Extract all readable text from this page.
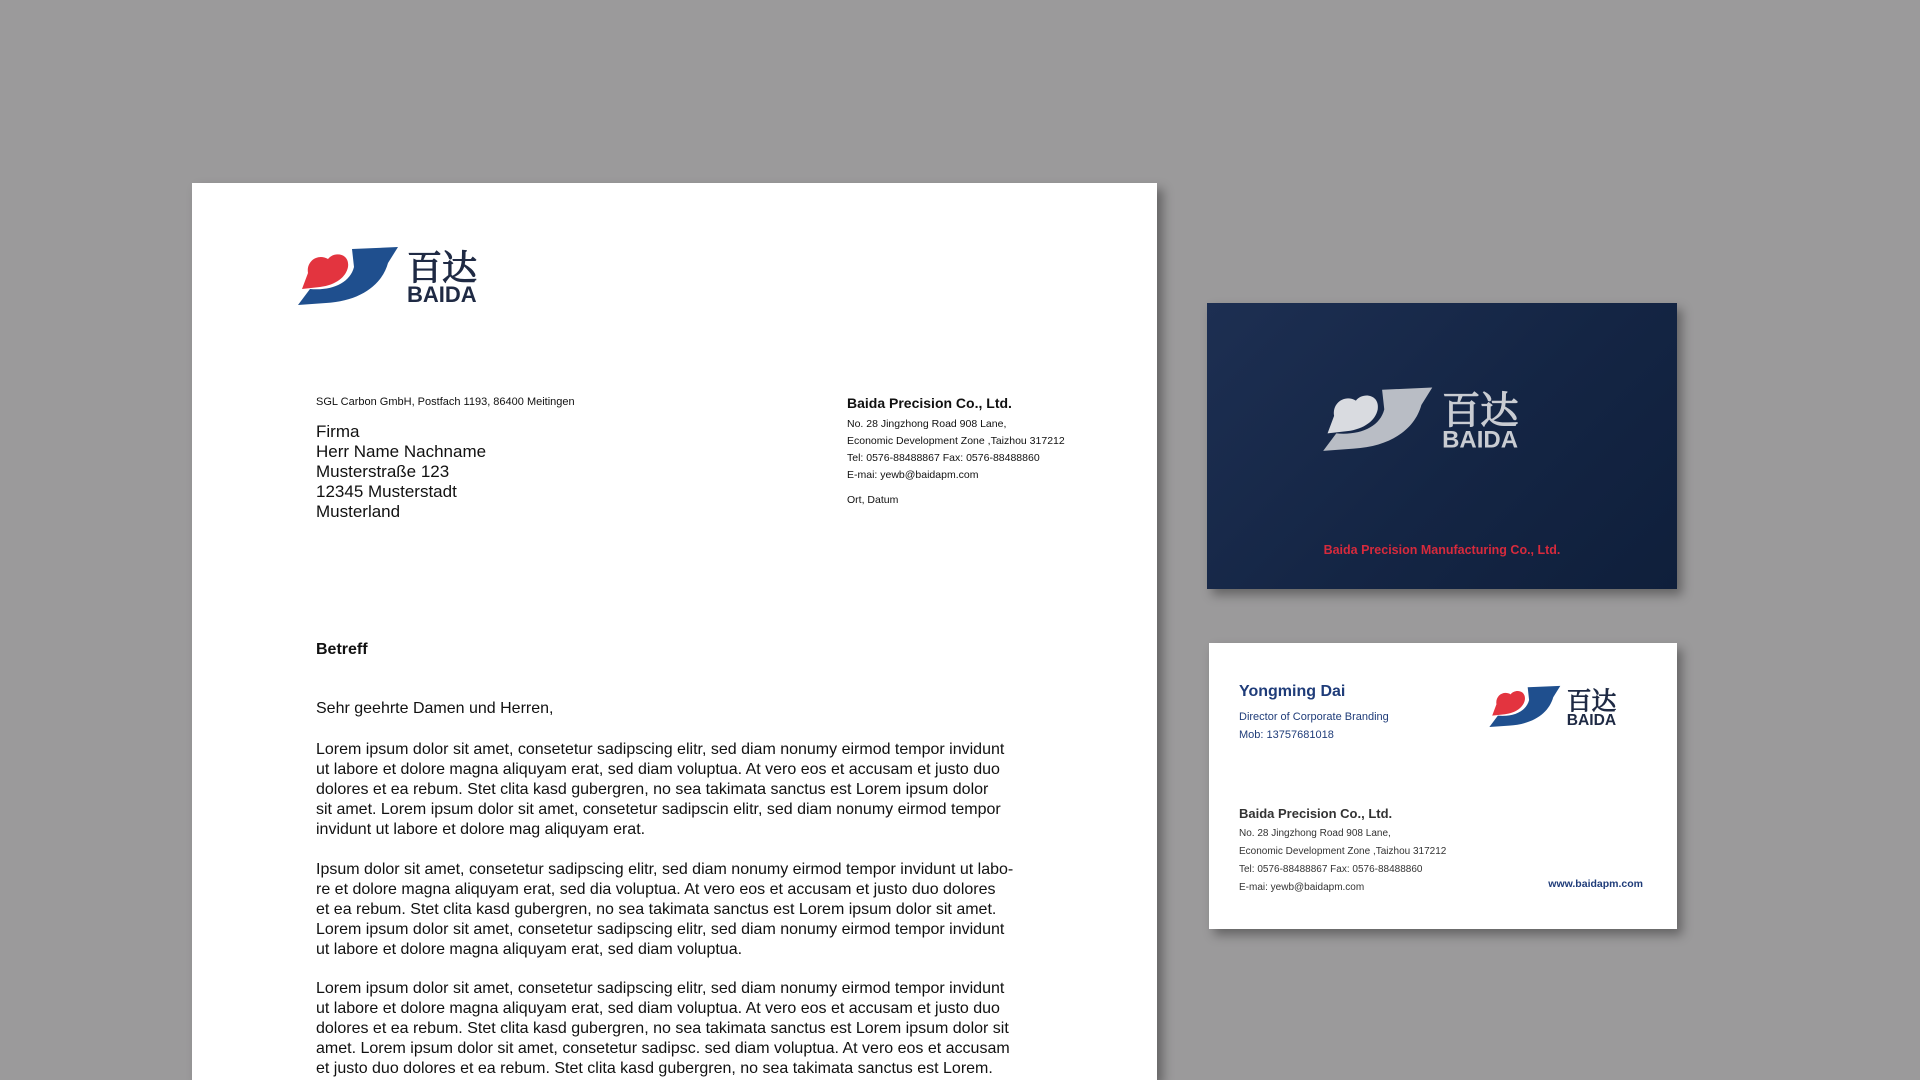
百达
BAIDA
SGL Carbon GmbH, Postfach 1193, 86400 Meitingen
Firma
Herr Name Nachname
Musterstraße 123
12345 Musterstadt
Musterland
Baida Precision Co., Ltd.
No. 28 Jingzhong Road 908 Lane,
Economic Development Zone ,Taizhou 317212
Tel: 0576-88488867 Fax: 0576-88488860
E-mai: yewb@baidapm.com
Ort, Datum
Betreff
Sehr geehrte Damen und Herren,
Lorem ipsum dolor sit amet, consetetur sadipscing elitr, sed diam nonumy eirmod tempor invidunt
ut labore et dolore magna aliquyam erat, sed diam voluptua. At vero eos et accusam et justo duo
dolores et ea rebum. Stet clita kasd gubergren, no sea takimata sanctus est Lorem ipsum dolor
sit amet. Lorem ipsum dolor sit amet, consetetur sadipscin elitr, sed diam nonumy eirmod tempor
invidunt ut labore et dolore mag aliquyam erat.
Ipsum dolor sit amet, consetetur sadipscing elitr, sed diam nonumy eirmod tempor invidunt ut labo-
re et dolore magna aliquyam erat, sed dia voluptua. At vero eos et accusam et justo duo dolores
et ea rebum. Stet clita kasd gubergren, no sea takimata sanctus est Lorem ipsum dolor sit amet.
Lorem ipsum dolor sit amet, consetetur sadipscing elitr, sed diam nonumy eirmod tempor invidunt
ut labore et dolore magna aliquyam erat, sed diam voluptua.
Lorem ipsum dolor sit amet, consetetur sadipscing elitr, sed diam nonumy eirmod tempor invidunt
ut labore et dolore magna aliquyam erat, sed diam voluptua. At vero eos et accusam et justo duo
dolores et ea rebum. Stet clita kasd gubergren, no sea takimata sanctus est Lorem ipsum dolor sit
amet. Lorem ipsum dolor sit amet, consetetur sadipsc. sed diam voluptua. At vero eos et accusam
et justo duo dolores et ea rebum. Stet clita kasd gubergren, no sea takimata sanctus est Lorem.
百达
BAIDA
Baida Precision Manufacturing Co., Ltd.
Yongming Dai
Director of Corporate Branding
Mob: 13757681018
百达
BAIDA
Baida Precision Co., Ltd.
No. 28 Jingzhong Road 908 Lane,
Economic Development Zone ,Taizhou 317212
Tel: 0576-88488867 Fax: 0576-88488860
E-mai: yewb@baidapm.com	www.baidapm.com
